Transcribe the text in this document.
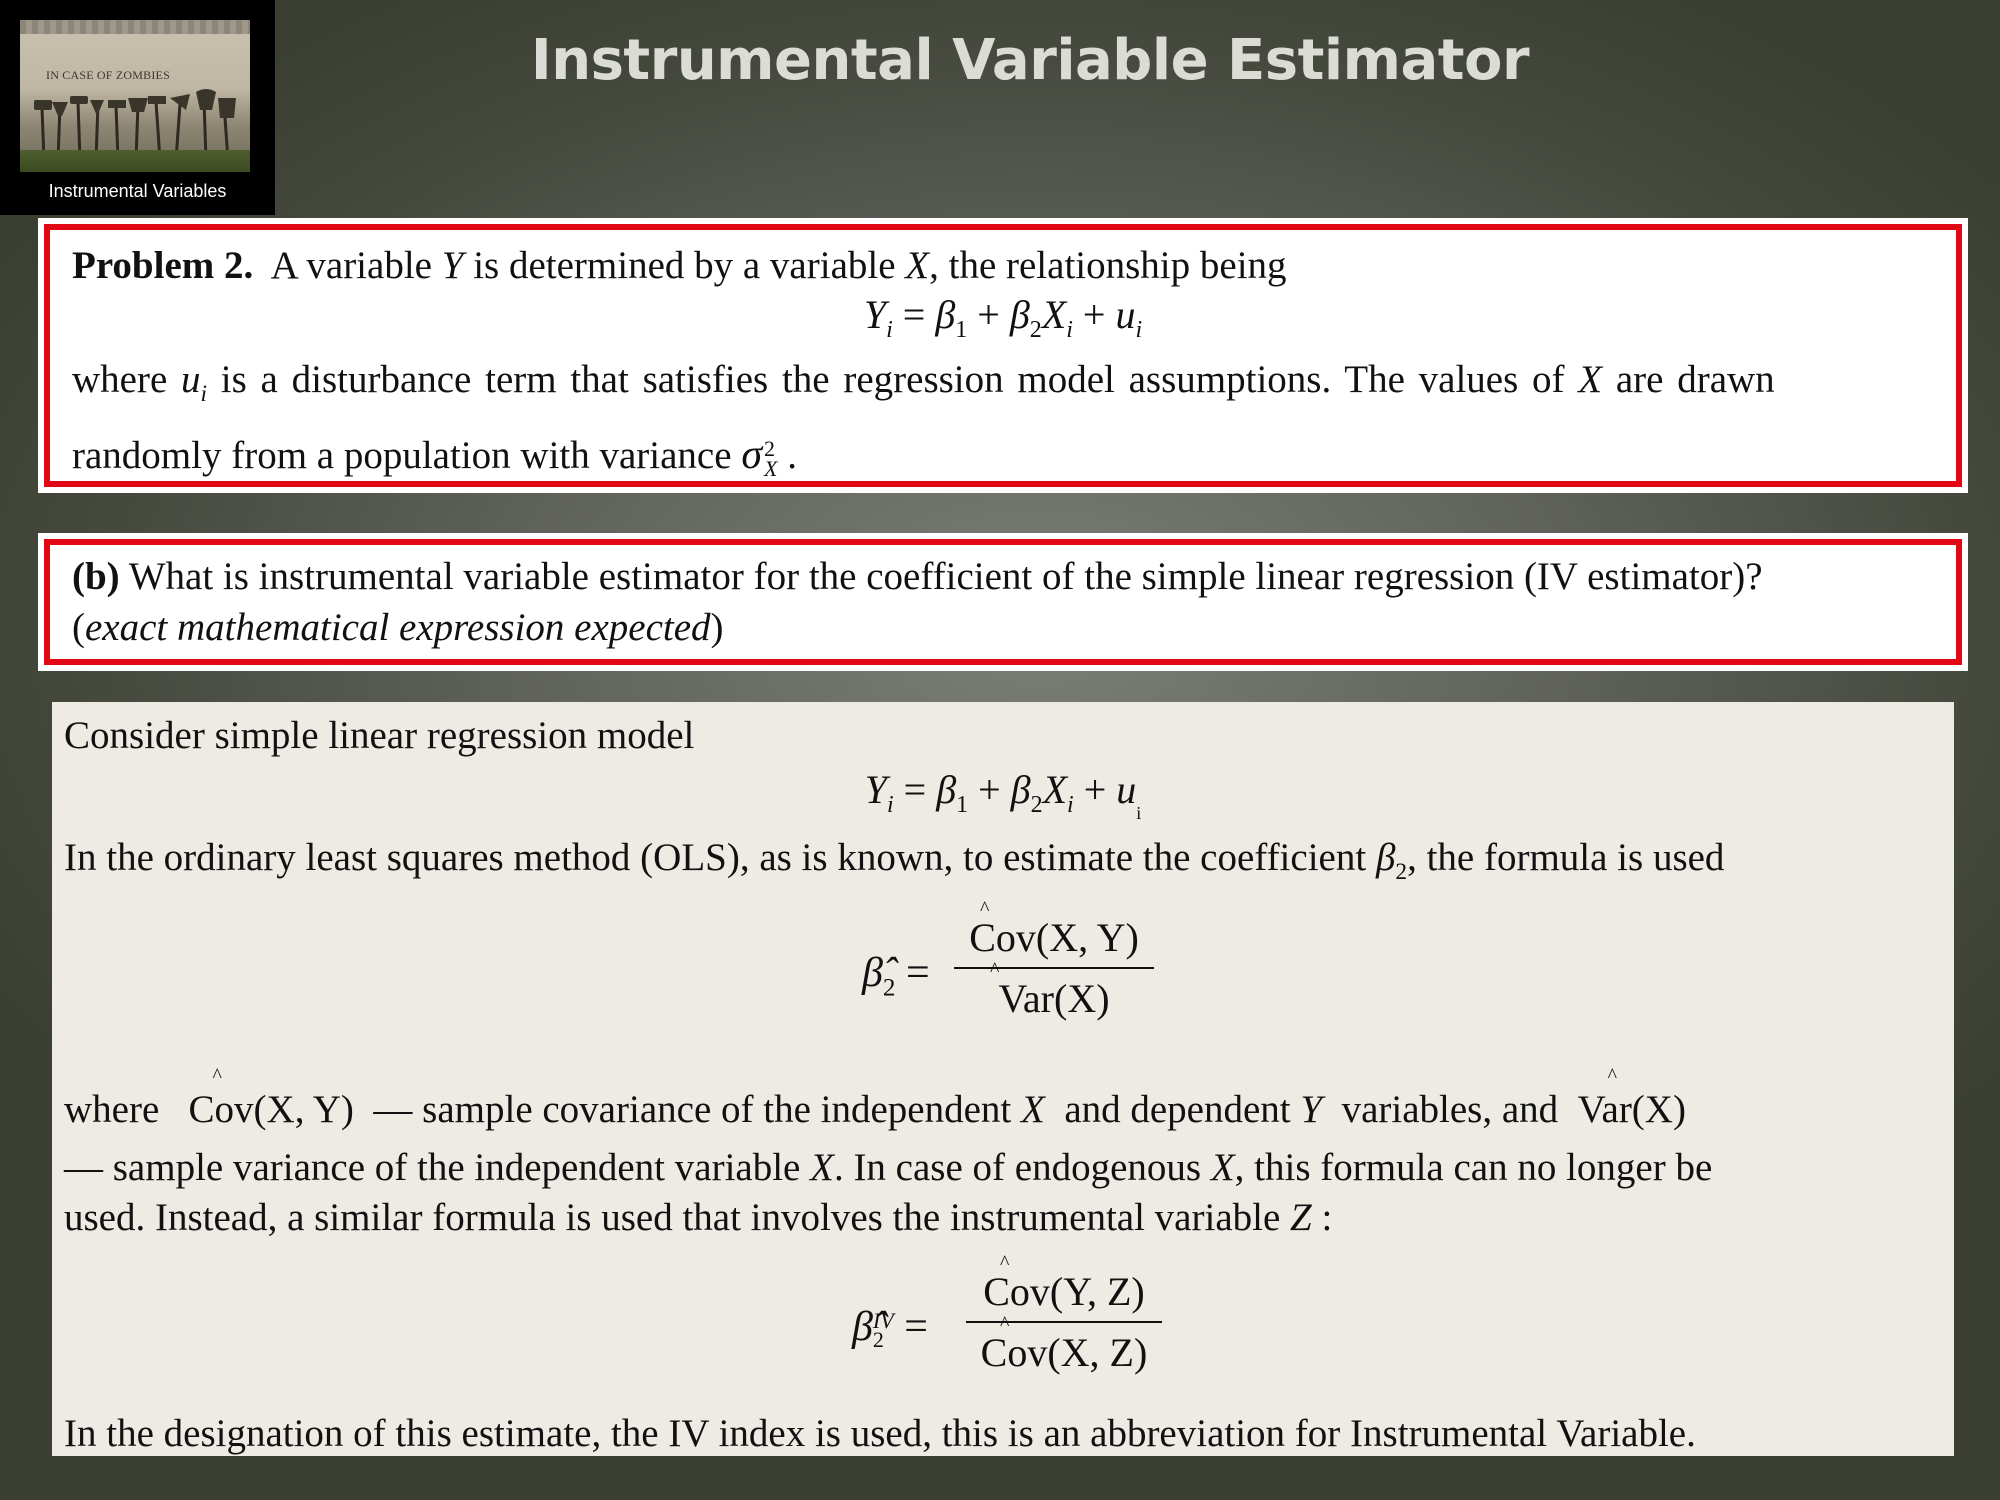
IN CASE OF ZOMBIES
Instrumental Variables
Instrumental Variable Estimator
Problem 2. A variable Y is determined by a variable X, the relationship being
$Y_i = \beta_1 + \beta_2X_i + u_i$
where $u_i$ is a disturbance term that satisfies the regression model assumptions. The values of X are drawn
randomly from a population with variance σ2
X .
(b) What is instrumental variable estimator for the coefficient of the simple linear regression (IV estimator)?
(exact mathematical expression expected)
Consider simple linear regression model
$Y_i = \beta_1 + \beta_2X_i + u_i$
In the ordinary least squares method (OLS), as is known, to estimate the coefficient $\beta_2$, the formula is used
$\betâ_2$ =
^
Cov(X, Y)
^
Var(X)
where
^
Cov(X, Y) — sample covariance of the independent X and dependent Y variables, and
^
Var(X)
— sample variance of the independent variable X. In case of endogenous X, this formula can no longer be
used. Instead, a similar formula is used that involves the instrumental variable Z :
β̂IV
2 =
^
Cov(Y, Z)
^
Cov(X, Z)
In the designation of this estimate, the IV index is used, this is an abbreviation for Instrumental Variable.
